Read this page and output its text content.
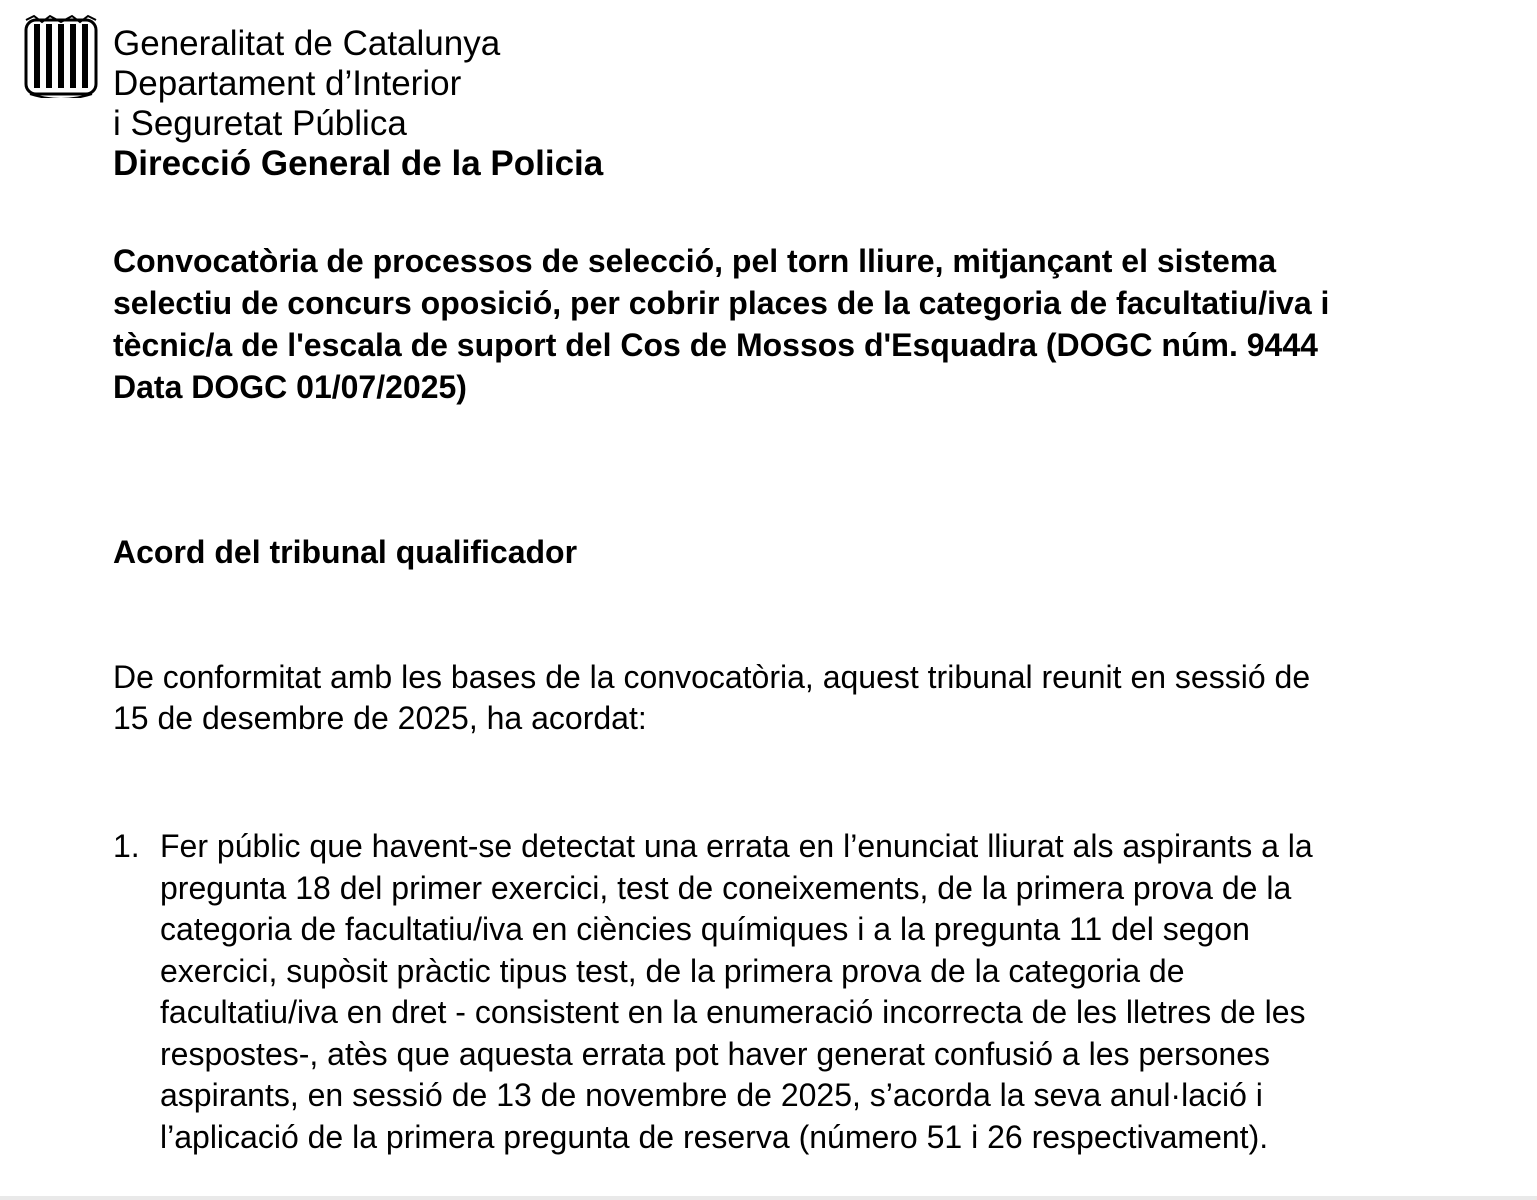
Generalitat de Catalunya
Departament d’Interior
i Seguretat Pública
Direcció General de la Policia
Convocatòria de processos de selecció, pel torn lliure, mitjançant el sistema
selectiu de concurs oposició, per cobrir places de la categoria de facultatiu/iva i
tècnic/a de l'escala de suport del Cos de Mossos d'Esquadra (DOGC núm. 9444
Data DOGC 01/07/2025)
Acord del tribunal qualificador
De conformitat amb les bases de la convocatòria, aquest tribunal reunit en sessió de
15 de desembre de 2025, ha acordat:
1. Fer públic que havent-se detectat una errata en l’enunciat lliurat als aspirants a la
pregunta 18 del primer exercici, test de coneixements, de la primera prova de la
categoria de facultatiu/iva en ciències químiques i a la pregunta 11 del segon
exercici, supòsit pràctic tipus test, de la primera prova de la categoria de
facultatiu/iva en dret - consistent en la enumeració incorrecta de les lletres de les
respostes-, atès que aquesta errata pot haver generat confusió a les persones
aspirants, en sessió de 13 de novembre de 2025, s’acorda la seva anul·lació i
l’aplicació de la primera pregunta de reserva (número 51 i 26 respectivament).
